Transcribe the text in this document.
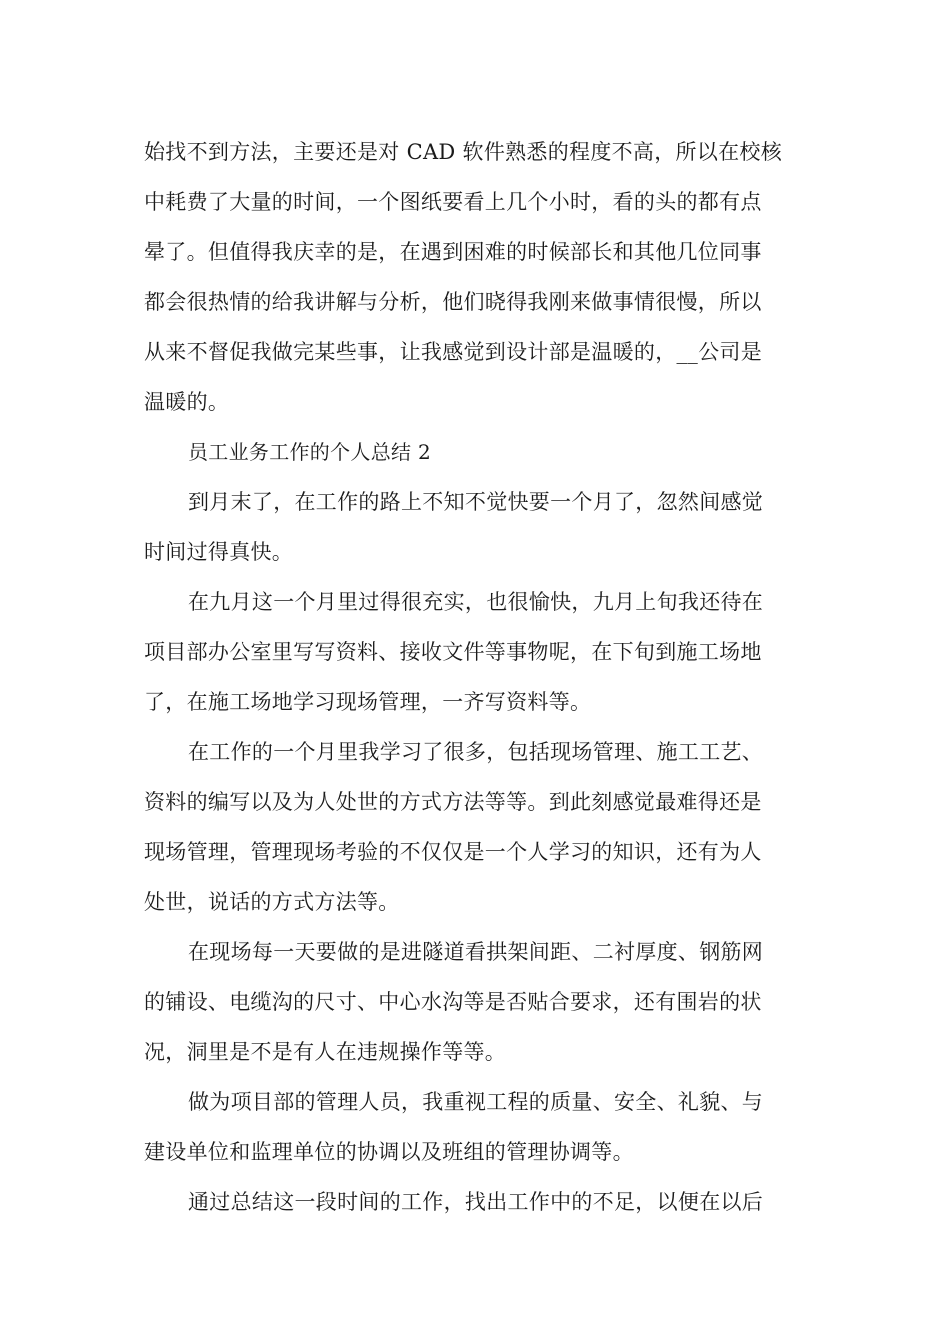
始找不到方法，主要还是对 CAD 软件熟悉的程度不高，所以在校核
中耗费了大量的时间，一个图纸要看上几个小时，看的头的都有点
晕了。但值得我庆幸的是，在遇到困难的时候部长和其他几位同事
都会很热情的给我讲解与分析，他们晓得我刚来做事情很慢，所以
从来不督促我做完某些事，让我感觉到设计部是温暖的，__公司是
温暖的。
员工业务工作的个人总结 2
到月末了，在工作的路上不知不觉快要一个月了，忽然间感觉
时间过得真快。
在九月这一个月里过得很充实，也很愉快，九月上旬我还待在
项目部办公室里写写资料、接收文件等事物呢，在下旬到施工场地
了，在施工场地学习现场管理，一齐写资料等。
在工作的一个月里我学习了很多，包括现场管理、施工工艺、
资料的编写以及为人处世的方式方法等等。到此刻感觉最难得还是
现场管理，管理现场考验的不仅仅是一个人学习的知识，还有为人
处世，说话的方式方法等。
在现场每一天要做的是进隧道看拱架间距、二衬厚度、钢筋网
的铺设、电缆沟的尺寸、中心水沟等是否贴合要求，还有围岩的状
况，洞里是不是有人在违规操作等等。
做为项目部的管理人员，我重视工程的质量、安全、礼貌、与
建设单位和监理单位的协调以及班组的管理协调等。
通过总结这一段时间的工作，找出工作中的不足，以便在以后
